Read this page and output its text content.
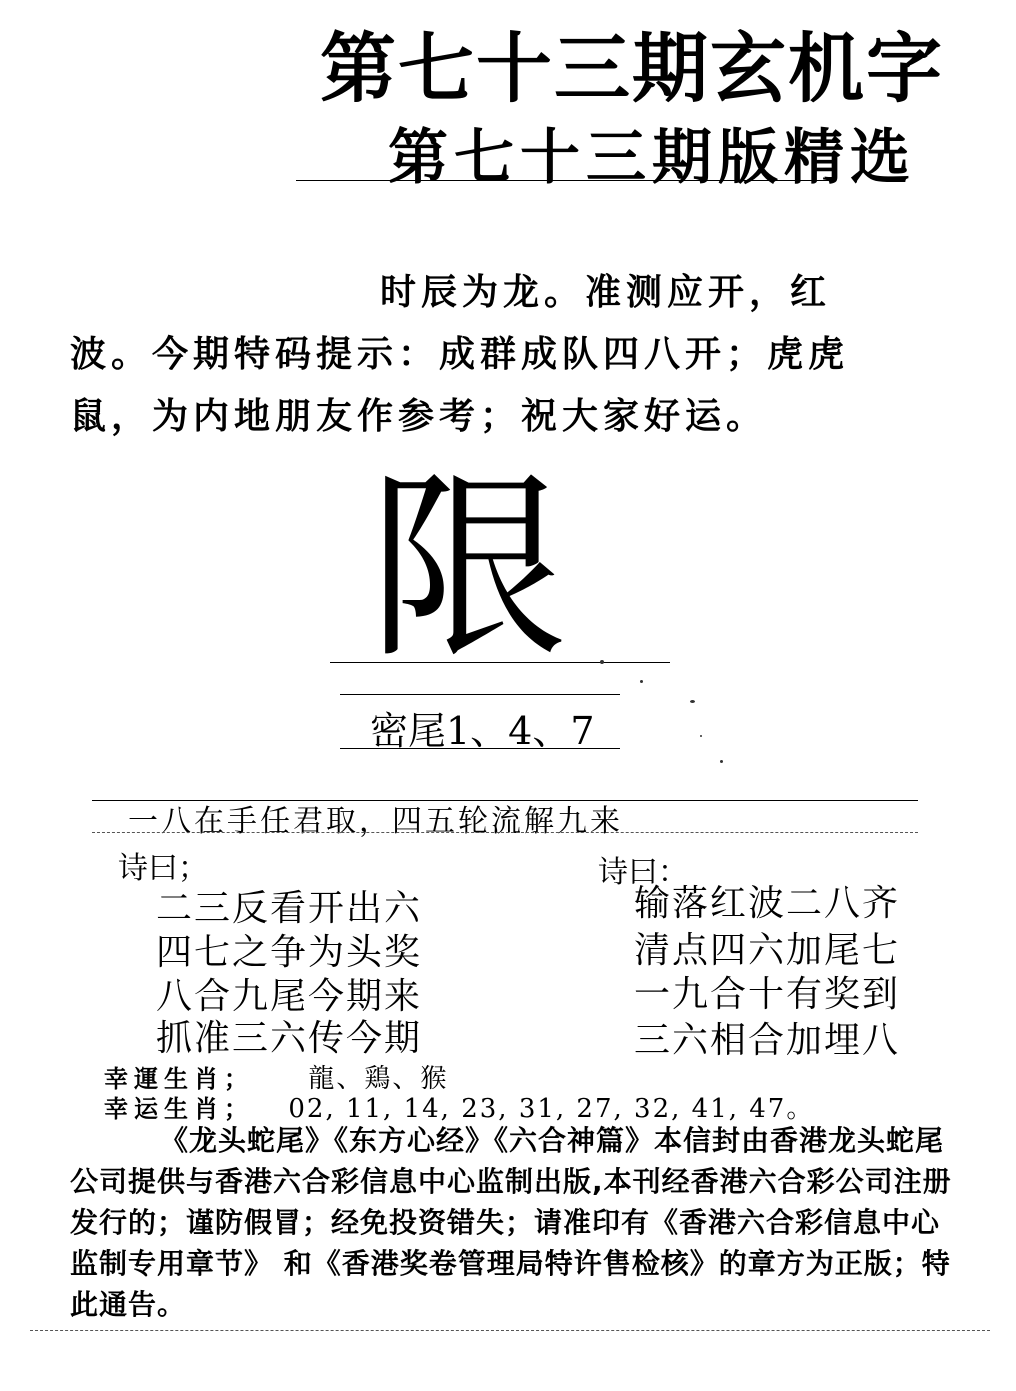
第七十三期玄机字
第七十三期版精选
时辰为龙。准测应开，红波。今期特码提示：成群成队四八开；虎虎鼠，为内地朋友作参考；祝大家好运。
限
密尾1、4、7
一八在手任君取，四五轮流解九来
诗曰；
二三反看开出六
四七之争为头奖
八合九尾今期来
抓准三六传今期
诗曰：
输落红波二八齐
清点四六加尾七
一九合十有奖到
三六相合加埋八
幸運生肖； 龍、鶏、猴
幸运生肖； 02, 11, 14, 23, 31, 27, 32, 41, 47。
《龙头蛇尾》《东方心经》《六合神篇》本信封由香港龙头蛇尾公司提供与香港六合彩信息中心监制出版,本刊经香港六合彩公司注册发行的；谨防假冒；经免投资错失；请准印有《香港六合彩信息中心监制专用章节》 和《香港奖卷管理局特许售检核》的章方为正版；特此通告。
